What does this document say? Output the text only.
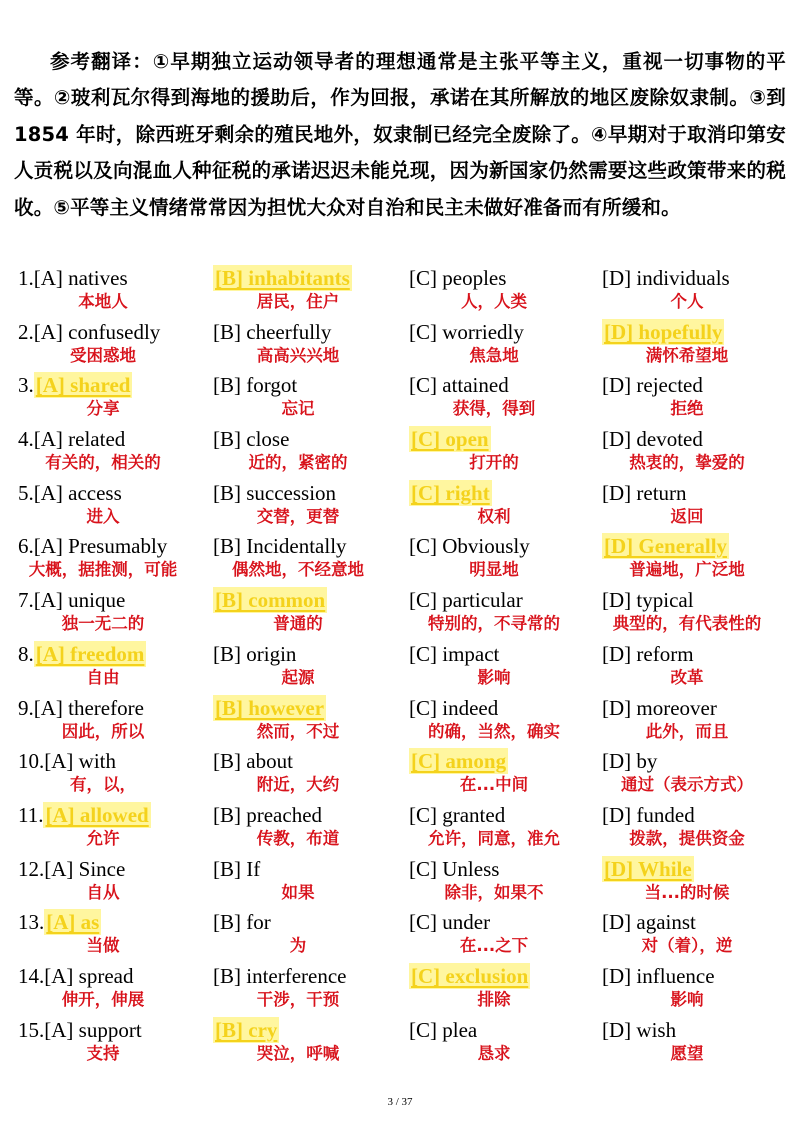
参考翻译：①早期独立运动领导者的理想通常是主张平等主义，重视一切事物的平等。②玻利瓦尔得到海地的援助后，作为回报，承诺在其所解放的地区废除奴隶制。③到 1854 年时，除西班牙剩余的殖民地外，奴隶制已经完全废除了。④早期对于取消印第安人贡税以及向混血人种征税的承诺迟迟未能兑现，因为新国家仍然需要这些政策带来的税收。⑤平等主义情绪常常因为担忧大众对自治和民主未做好准备而有所缓和。

1.[A] natives
本地人
[B] inhabitants
居民，住户
[C] peoples
人，人类
[D] individuals
个人
2.[A] confusedly
受困惑地
[B] cheerfully
高高兴兴地
[C] worriedly
焦急地
[D] hopefully
满怀希望地
3.[A] shared
分享
[B] forgot
忘记
[C] attained
获得，得到
[D] rejected
拒绝
4.[A] related
有关的，相关的
[B] close
近的，紧密的
[C] open
打开的
[D] devoted
热衷的，挚爱的
5.[A] access
进入
[B] succession
交替，更替
[C] right
权利
[D] return
返回
6.[A] Presumably
大概，据推测，可能
[B] Incidentally
偶然地，不经意地
[C] Obviously
明显地
[D] Generally
普遍地，广泛地
7.[A] unique
独一无二的
[B] common
普通的
[C] particular
特别的，不寻常的
[D] typical
典型的，有代表性的
8.[A] freedom
自由
[B] origin
起源
[C] impact
影响
[D] reform
改革
9.[A] therefore
因此，所以
[B] however
然而，不过
[C] indeed
的确，当然，确实
[D] moreover
此外，而且
10.[A] with
有，以，
[B] about
附近，大约
[C] among
在...中间
[D] by
通过（表示方式）
11.[A] allowed
允许
[B] preached
传教，布道
[C] granted
允许，同意，准允
[D] funded
拨款，提供资金
12.[A] Since
自从
[B] If
如果
[C] Unless
除非，如果不
[D] While
当...的时候
13.[A] as
当做
[B] for
为
[C] under
在...之下
[D] against
对（着），逆
14.[A] spread
伸开，伸展
[B] interference
干涉，干预
[C] exclusion
排除
[D] influence
影响
15.[A] support
支持
[B] cry
哭泣，呼喊
[C] plea
恳求
[D] wish
愿望
3 / 37
